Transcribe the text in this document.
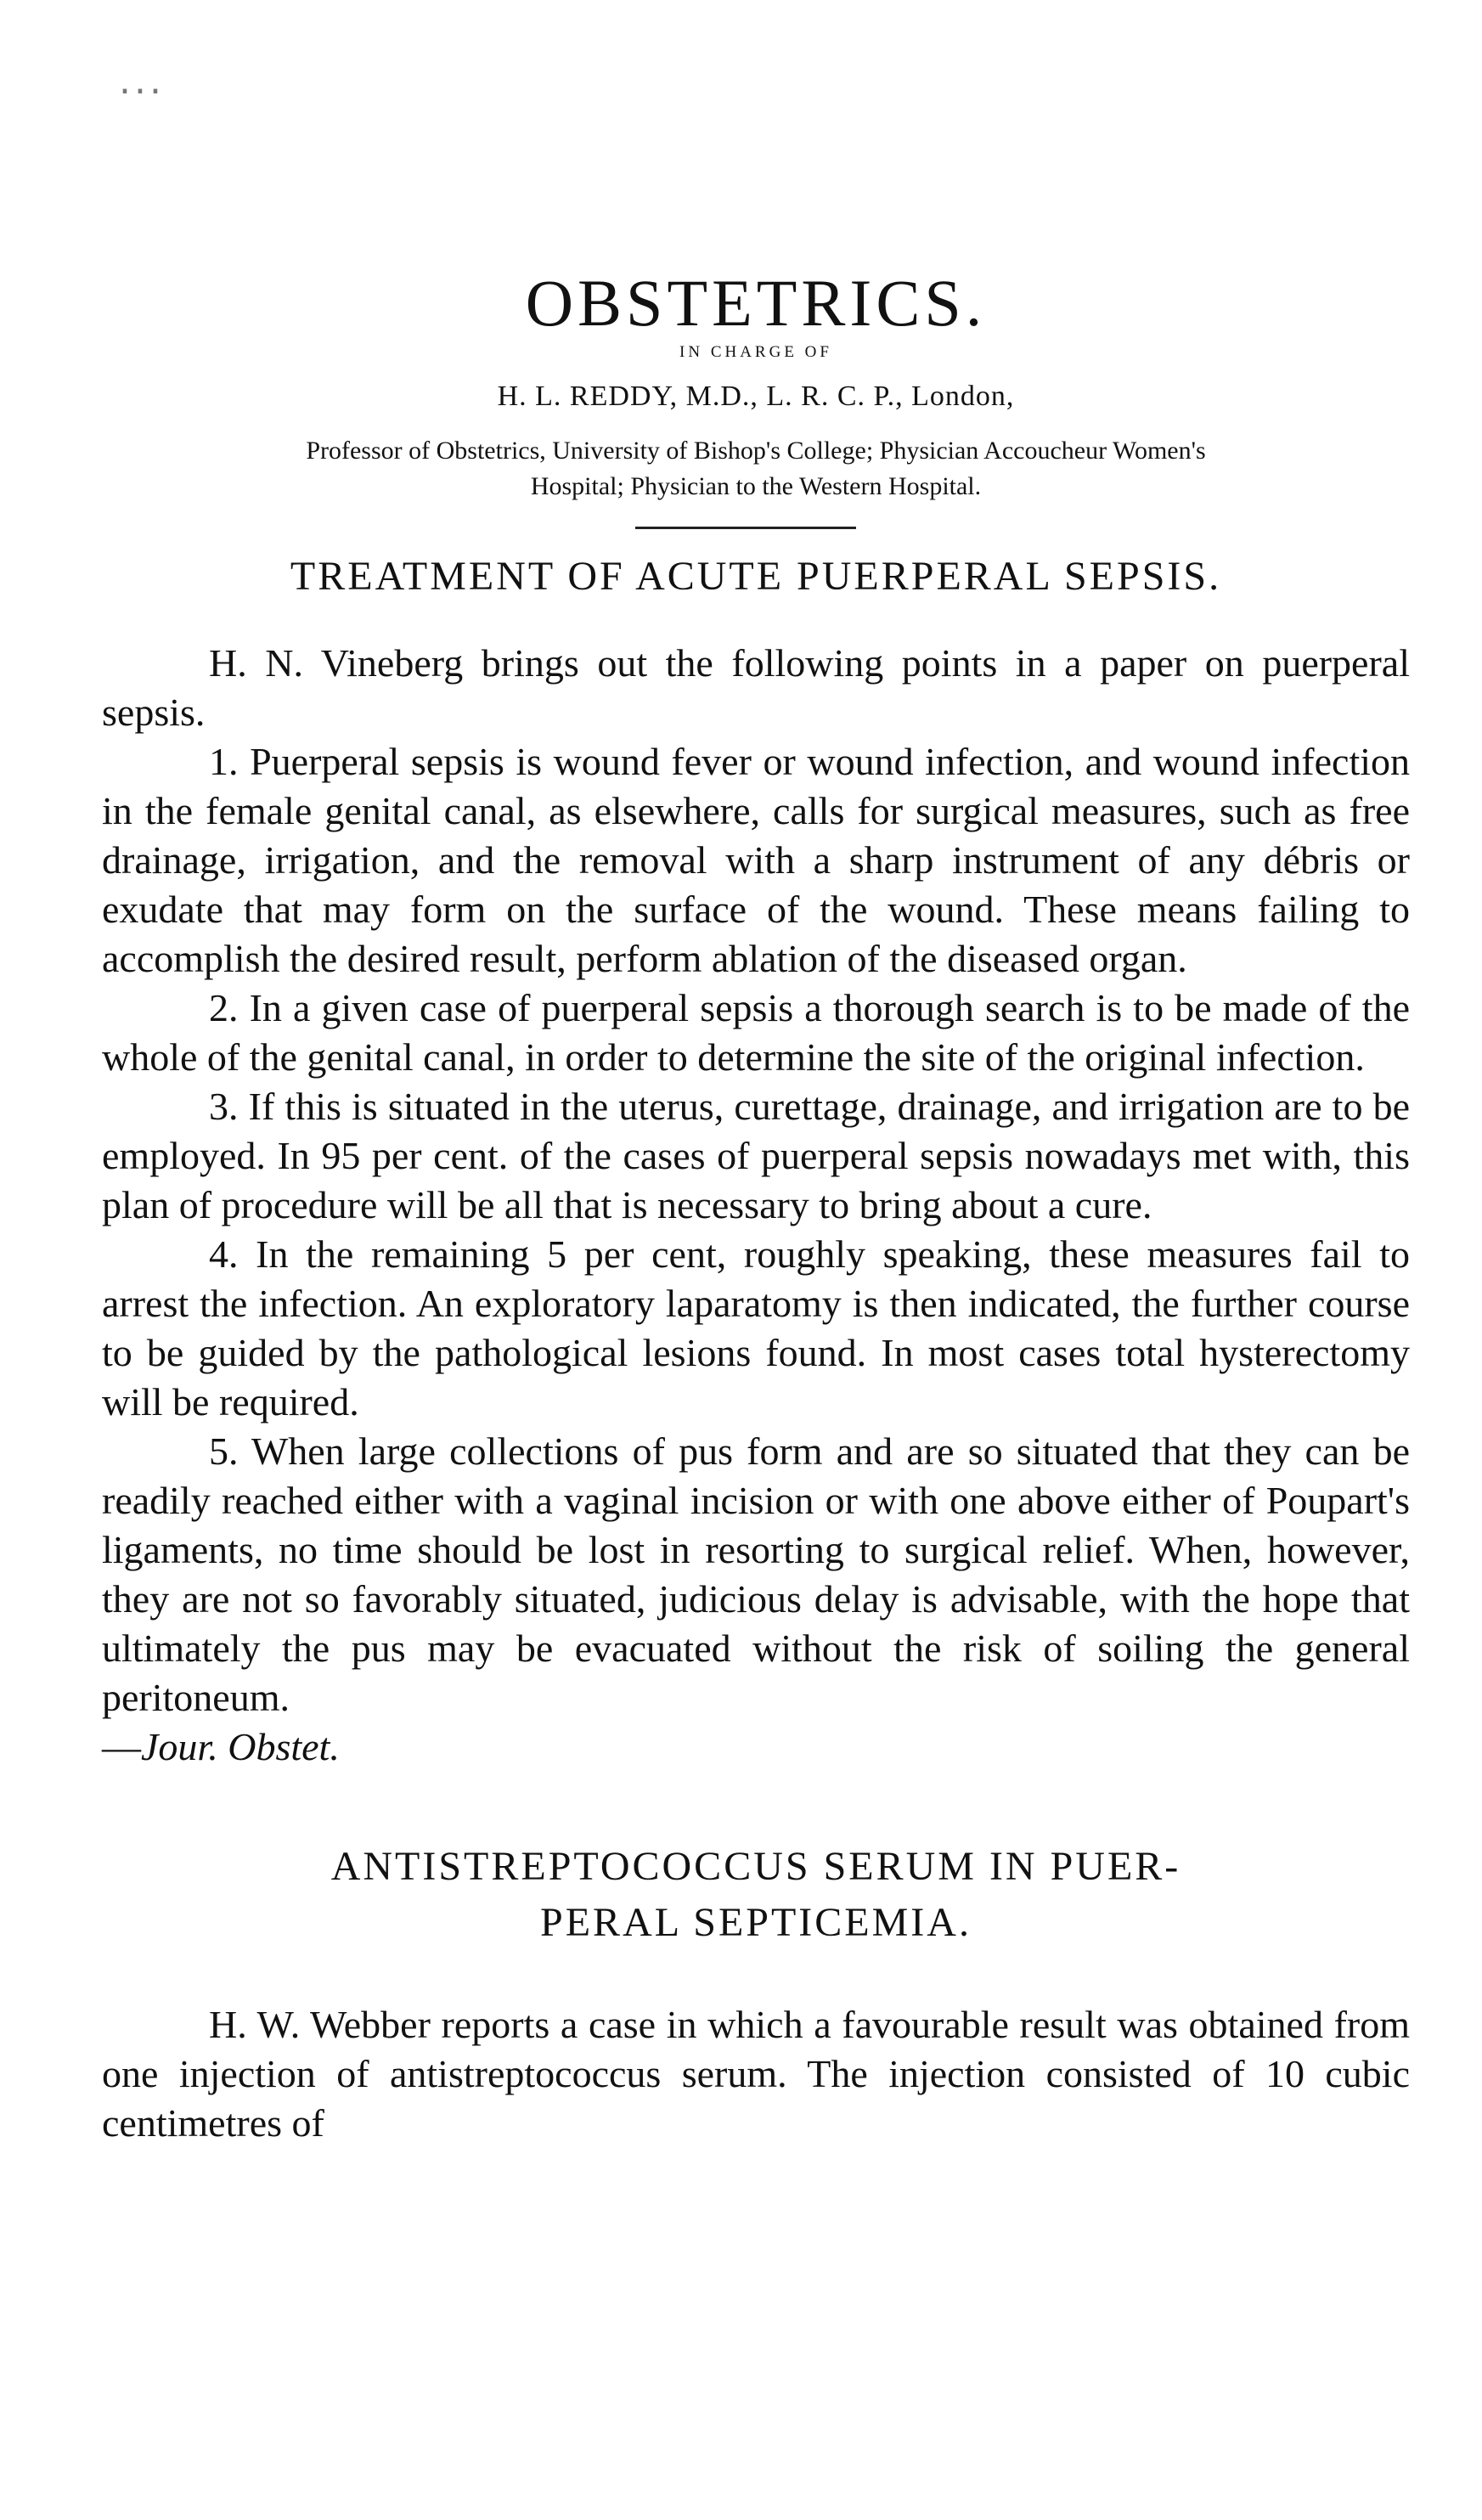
...
OBSTETRICS.
IN CHARGE OF
H. L. REDDY, M.D., L. R. C. P., London,
Professor of Obstetrics, University of Bishop's College; Physician Accoucheur Women's
Hospital; Physician to the Western Hospital.
TREATMENT OF ACUTE PUERPERAL SEPSIS.

H. N. Vineberg brings out the following points in a paper on puerperal sepsis.

1. Puerperal sepsis is wound fever or wound infection, and wound infection in the female genital canal, as elsewhere, calls for surgical measures, such as free drainage, irrigation, and the removal with a sharp instrument of any débris or exudate that may form on the surface of the wound. These means failing to accomplish the desired result, perform ablation of the diseased organ.

2. In a given case of puerperal sepsis a thorough search is to be made of the whole of the genital canal, in order to determine the site of the original infection.

3. If this is situated in the uterus, curettage, drainage, and irrigation are to be employed. In 95 per cent. of the cases of puerperal sepsis nowadays met with, this plan of procedure will be all that is necessary to bring about a cure.

4. In the remaining 5 per cent, roughly speaking, these measures fail to arrest the infection. An exploratory laparatomy is then indicated, the further course to be guided by the pathological lesions found. In most cases total hysterectomy will be required.

5. When large collections of pus form and are so situated that they can be readily reached either with a vaginal incision or with one above either of Poupart's ligaments, no time should be lost in resorting to surgical relief. When, however, they are not so favorably situated, judicious delay is advisable, with the hope that ultimately the pus may be evacuated without the risk of soiling the general peritoneum.

—Jour. Obstet.

ANTISTREPTOCOCCUS SERUM IN PUER-
PERAL SEPTICEMIA.

H. W. Webber reports a case in which a favourable result was obtained from one injection of antistreptococcus serum. The injection consisted of 10 cubic centimetres of
